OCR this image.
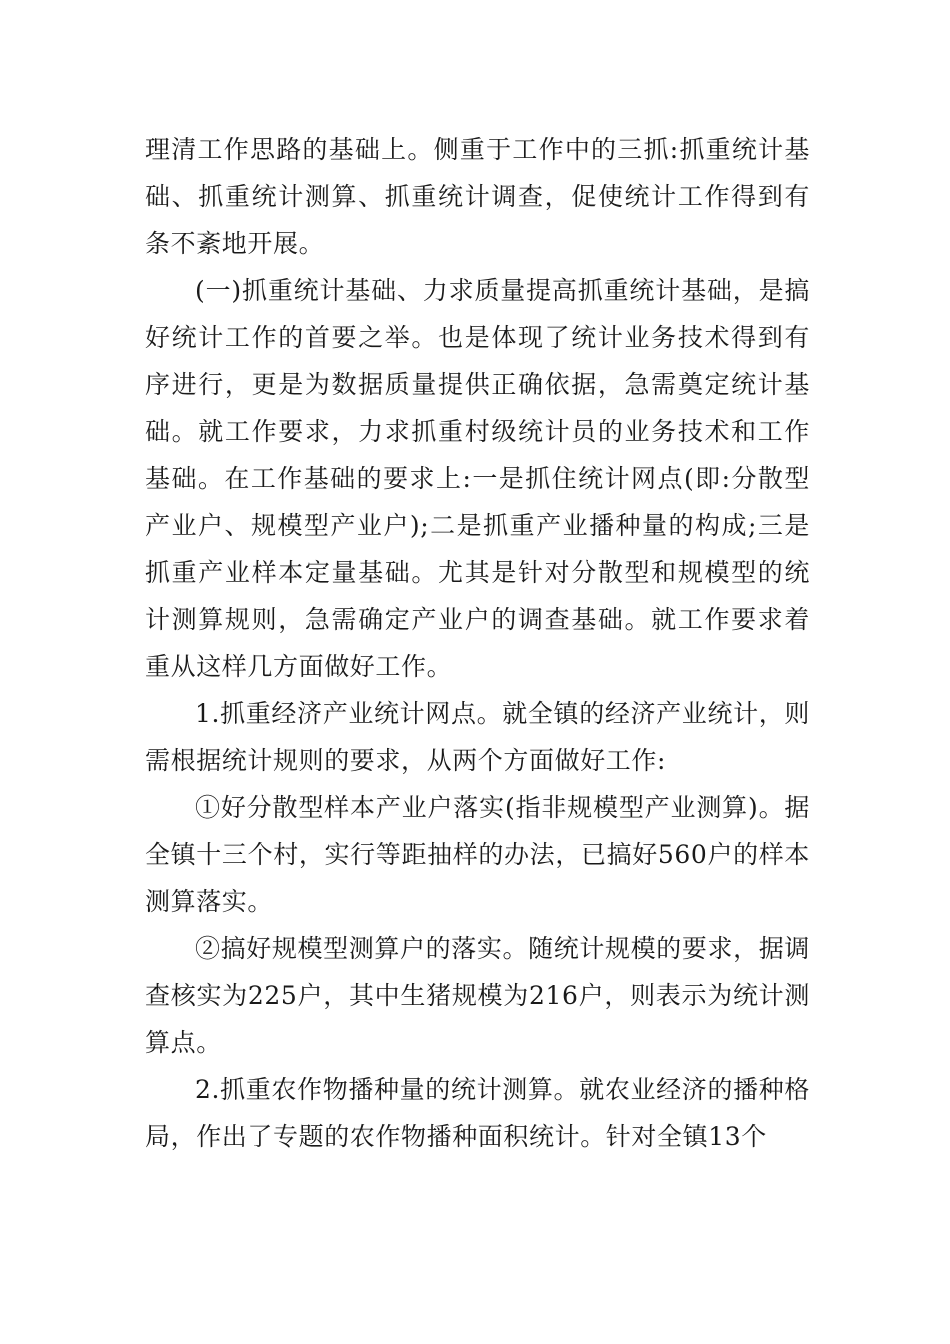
理清工作思路的基础上。侧重于工作中的三抓:抓重统计基础、抓重统计测算、抓重统计调查，促使统计工作得到有条不紊地开展。

(一)抓重统计基础、力求质量提高抓重统计基础，是搞好统计工作的首要之举。也是体现了统计业务技术得到有序进行，更是为数据质量提供正确依据，急需奠定统计基础。就工作要求，力求抓重村级统计员的业务技术和工作基础。在工作基础的要求上:一是抓住统计网点(即:分散型产业户、规模型产业户);二是抓重产业播种量的构成;三是抓重产业样本定量基础。尤其是针对分散型和规模型的统计测算规则，急需确定产业户的调查基础。就工作要求着重从这样几方面做好工作。

1.抓重经济产业统计网点。就全镇的经济产业统计，则需根据统计规则的要求，从两个方面做好工作:

①好分散型样本产业户落实(指非规模型产业测算)。据全镇十三个村，实行等距抽样的办法，已搞好560户的样本测算落实。

②搞好规模型测算户的落实。随统计规模的要求，据调查核实为225户，其中生猪规模为216户，则表示为统计测算点。

2.抓重农作物播种量的统计测算。就农业经济的播种格局，作出了专题的农作物播种面积统计。针对全镇13个
